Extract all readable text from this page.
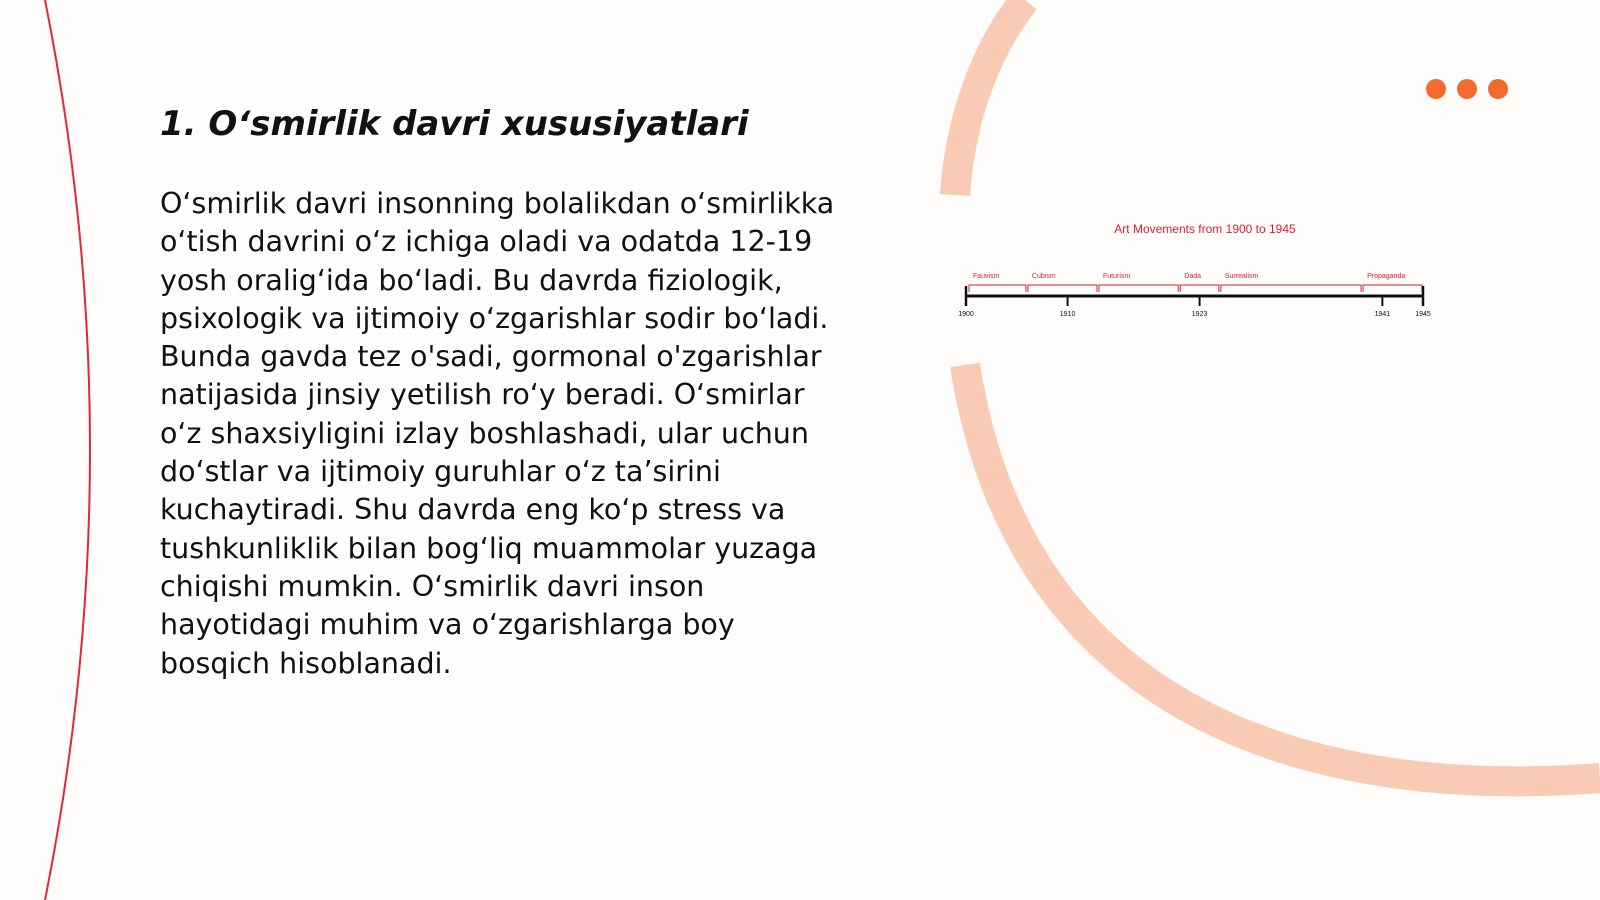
1. O‘smirlik davri xususiyatlari

O‘smirlik davri insonning bolalikdan o‘smirlikka o‘tish davrini o‘z ichiga oladi va odatda 12-19 yosh oralig‘ida bo‘ladi. Bu davrda fiziologik, psixologik va ijtimoiy o‘zgarishlar sodir bo‘ladi. Bunda gavda tez o'sadi, gormonal o'zgarishlar natijasida jinsiy yetilish ro‘y beradi. O‘smirlar o‘z shaxsiyligini izlay boshlashadi, ular uchun do‘stlar va ijtimoiy guruhlar o‘z ta’sirini kuchaytiradi. Shu davrda eng ko‘p stress va tushkunliklik bilan bog‘liq muammolar yuzaga chiqishi mumkin. O‘smirlik davri inson hayotidagi muhim va o‘zgarishlarga boy bosqich hisoblanadi.

Art Movements from 1900 to 1945
Fauvism	Cubism	Futurism	Dada	Surrealism	Propaganda
1900	1910	1923	1941	1945
